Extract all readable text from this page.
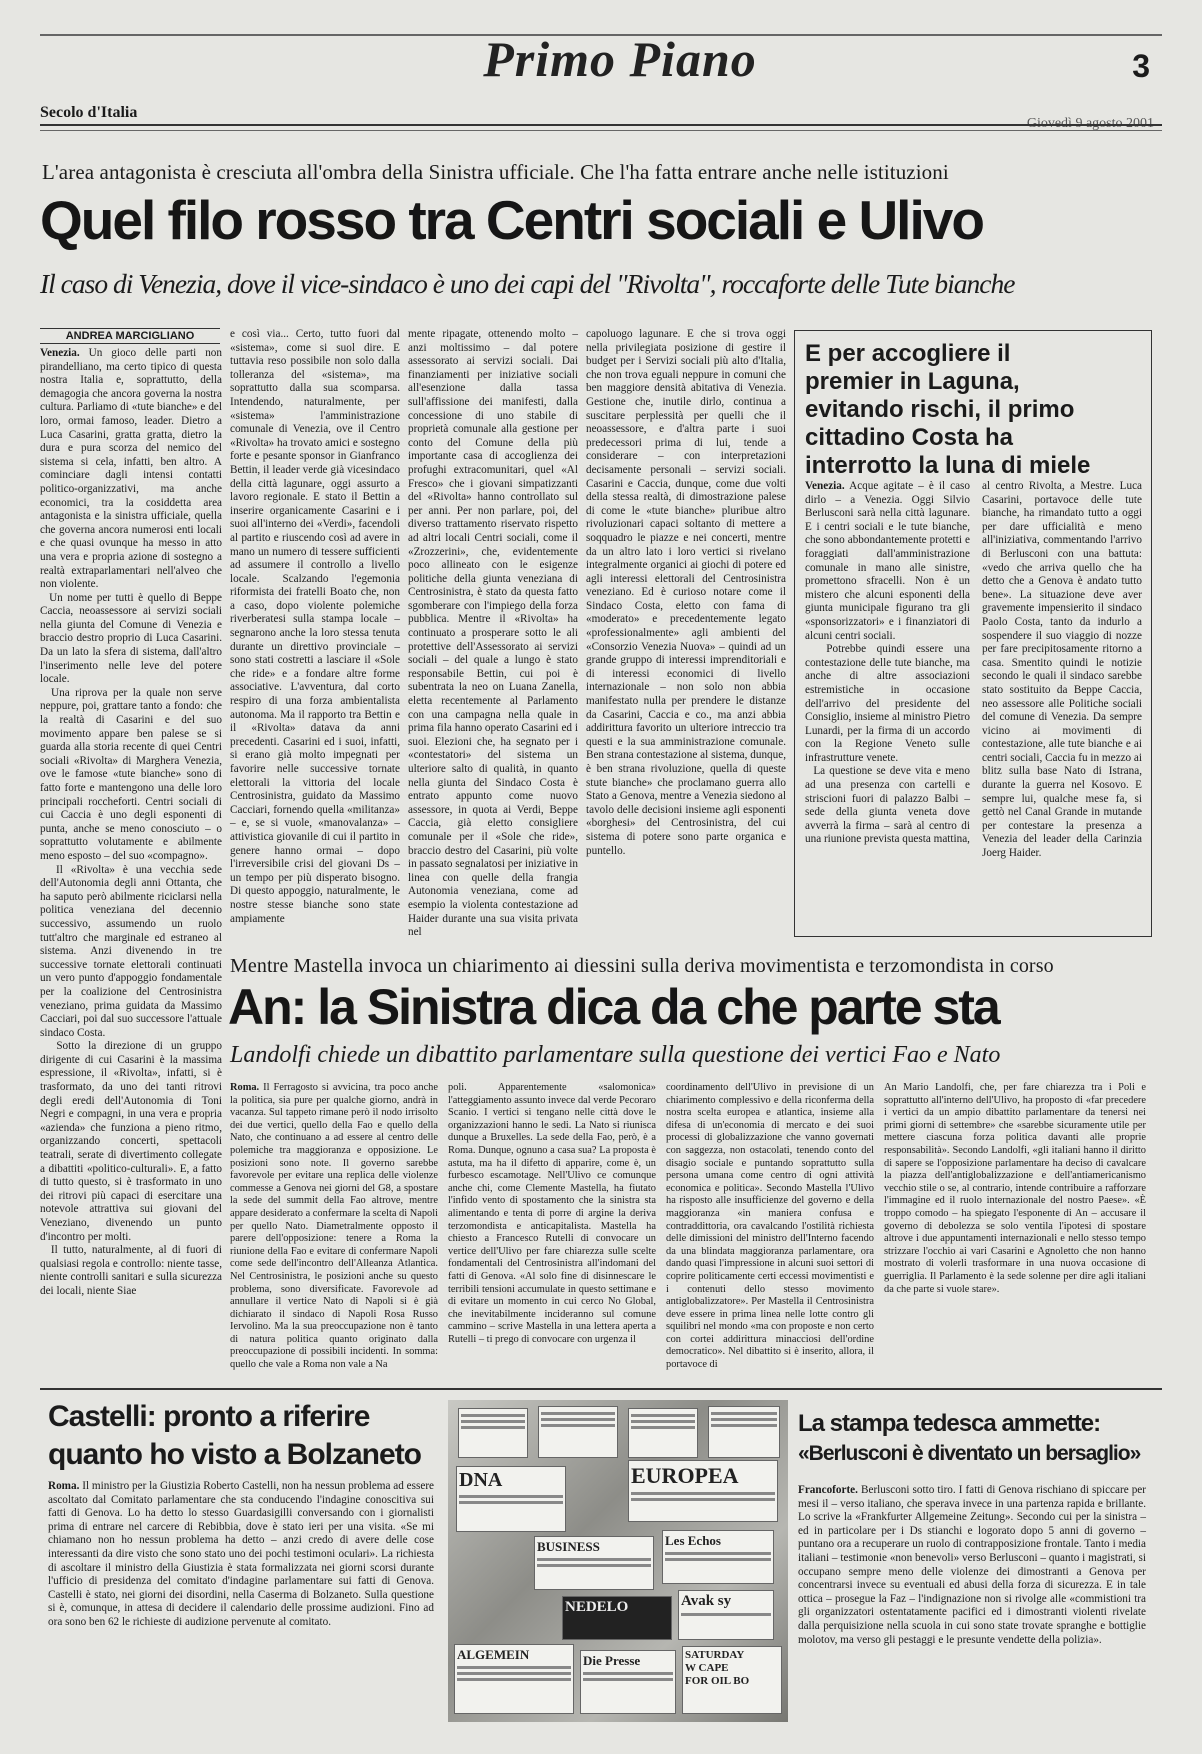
Primo Piano	3
Secolo d'Italia
L'area antagonista è cresciuta all'ombra della Sinistra ufficiale. Che l'ha fatta entrare anche nelle istituzioni
Quel filo rosso tra Centri sociali e Ulivo
Il caso di Venezia, dove il vice-sindaco è uno dei capi del "Rivolta", roccaforte delle Tute bianche
ANDREA MARCIGLIANO
Venezia. Un gioco delle parti non pirandelliano, ma certo tipico di questa nostra Italia e, soprattutto, della demagogia che ancora governa la nostra cultura. Parliamo di «tute bianche» e del loro, ormai famoso, leader. Dietro a Luca Casarini, gratta gratta, dietro la dura e pura scorza del nemico del sistema si cela, infatti, ben altro. A cominciare dagli intensi contatti politico-organizzativi, ma anche economici, tra la cosiddetta area antagonista e la sinistra ufficiale, quella che governa ancora numerosi enti locali e che quasi ovunque ha messo in atto una vera e propria azione di sostegno a realtà extraparlamentari nell'alveo che non violente.
Un nome per tutti è quello di Beppe Caccia, neoassessore ai servizi sociali nella giunta del Comune di Venezia e braccio destro proprio di Luca Casarini. Da un lato la sfera di sistema, dall'altro l'inserimento nelle leve del potere locale.
Una riprova per la quale non serve neppure, poi, grattare tanto a fondo: che la realtà di Casarini e del suo movimento appare ben palese se si guarda alla storia recente di quei Centri sociali «Rivolta» di Marghera Venezia, ove le famose «tute bianche» sono di fatto forte e mantengono una delle loro principali roccheforti. Centri sociali di cui Caccia è uno degli esponenti di punta, anche se meno conosciuto – o soprattutto volutamente e abilmente meno esposto – del suo «compagno».
Il «Rivolta» è una vecchia sede dell'Autonomia degli anni Ottanta, che ha saputo però abilmente riciclarsi nella politica veneziana del decennio successivo, assumendo un ruolo tutt'altro che marginale ed estraneo al sistema. Anzi divenendo in tre successive tornate elettorali continuati un vero punto d'appoggio fondamentale per la coalizione del Centrosinistra veneziano, prima guidata da Massimo Cacciari, poi dal suo successore l'attuale sindaco Costa.
Sotto la direzione di un gruppo dirigente di cui Casarini è la massima espressione, il «Rivolta», infatti, si è trasformato, da uno dei tanti ritrovi degli eredi dell'Autonomia di Toni Negri e compagni, in una vera e propria «azienda» che funziona a pieno ritmo, organizzando concerti, spettacoli teatrali, serate di divertimento collegate a dibattiti «politico-culturali». E, a fatto di tutto questo, si è trasformato in uno dei ritrovi più capaci di esercitare una notevole attrattiva sui giovani del Veneziano, divenendo un punto d'incontro per molti.
Il tutto, naturalmente, al di fuori di qualsiasi regola e controllo: niente tasse, niente controlli sanitari e sulla sicurezza dei locali, niente Siae
e così via... Certo, tutto fuori dal «sistema», come si suol dire. E tuttavia reso possibile non solo dalla tolleranza del «sistema», ma soprattutto dalla sua scomparsa. Intendendo, naturalmente, per «sistema» l'amministrazione comunale di Venezia, ove il Centro «Rivolta» ha trovato amici e sostegno forte e pesante sponsor in Gianfranco Bettin, il leader verde già vicesindaco della città lagunare, oggi assurto a lavoro regionale. E stato il Bettin a inserire organicamente Casarini e i suoi all'interno dei «Verdi», facendoli al partito e riuscendo così ad avere in mano un numero di tessere sufficienti ad assumere il controllo a livello locale. Scalzando l'egemonia riformista dei fratelli Boato che, non a caso, dopo violente polemiche riverberatesi sulla stampa locale – segnarono anche la loro stessa tenuta durante un direttivo provinciale – sono stati costretti a lasciare il «Sole che ride» e a fondare altre forme associative. L'avventura, dal corto respiro di una forza ambientalista autonoma. Ma il rapporto tra Bettin e il «Rivolta» datava da anni precedenti. Casarini ed i suoi, infatti, si erano già molto impegnati per favorire nelle successive tornate elettorali la vittoria del locale Centrosinistra, guidato da Massimo Cacciari, fornendo quella «militanza» – e, se si vuole, «manovalanza» – attivistica giovanile di cui il partito in genere hanno ormai – dopo l'irreversibile crisi del giovani Ds – un tempo per più disperato bisogno. Di questo appoggio, naturalmente, le nostre stesse bianche sono state ampiamente
mente ripagate, ottenendo molto – anzi moltissimo – dal potere assessorato ai servizi sociali. Dai finanziamenti per iniziative sociali all'esenzione dalla tassa sull'affissione dei manifesti, dalla concessione di uno stabile di proprietà comunale alla gestione per conto del Comune della più importante casa di accoglienza dei profughi extracomunitari, quel «Al Fresco» che i giovani simpatizzanti del «Rivolta» hanno controllato sul per anni. Per non parlare, poi, del diverso trattamento riservato rispetto ad altri locali Centri sociali, come il «Zrozzerini», che, evidentemente poco allineato con le esigenze politiche della giunta veneziana di Centrosinistra, è stato da questa fatto sgomberare con l'impiego della forza pubblica. Mentre il «Rivolta» ha continuato a prosperare sotto le ali protettive dell'Assessorato ai servizi sociali – del quale a lungo è stato responsabile Bettin, cui poi è subentrata la neo on Luana Zanella, eletta recentemente al Parlamento con una campagna nella quale in prima fila hanno operato Casarini ed i suoi. Elezioni che, ha segnato per i «contestatori» del sistema un ulteriore salto di qualità, in quanto nella giunta del Sindaco Costa è entrato appunto come nuovo assessore, in quota ai Verdi, Beppe Caccia, già eletto consigliere comunale per il «Sole che ride», braccio destro del Casarini, più volte in passato segnalatosi per iniziative in linea con quelle della frangia Autonomia veneziana, come ad esempio la violenta contestazione ad Haider durante una sua visita privata nel
capoluogo lagunare. E che si trova oggi nella privilegiata posizione di gestire il budget per i Servizi sociali più alto d'Italia, che non trova eguali neppure in comuni che ben maggiore densità abitativa di Venezia. Gestione che, inutile dirlo, continua a suscitare perplessità per quelli che il neoassessore, e d'altra parte i suoi predecessori prima di lui, tende a considerare – con interpretazioni decisamente personali – servizi sociali. Casarini e Caccia, dunque, come due volti della stessa realtà, di dimostrazione palese di come le «tute bianche» pluribue altro rivoluzionari capaci soltanto di mettere a soqquadro le piazze e nei concerti, mentre da un altro lato i loro vertici si rivelano integralmente organici ai giochi di potere ed agli interessi elettorali del Centrosinistra veneziano. Ed è curioso notare come il Sindaco Costa, eletto con fama di «moderato» e precedentemente legato «professionalmente» agli ambienti del «Consorzio Venezia Nuova» – quindi ad un grande gruppo di interessi imprenditoriali e di interessi economici di livello internazionale – non solo non abbia manifestato nulla per prendere le distanze da Casarini, Caccia e co., ma anzi abbia addirittura favorito un ulteriore intreccio tra questi e la sua amministrazione comunale. Ben strana contestazione al sistema, dunque, è ben strana rivoluzione, quella di queste stute bianche» che proclamano guerra allo Stato a Genova, mentre a Venezia siedono al tavolo delle decisioni insieme agli esponenti «borghesi» del Centrosinistra, del cui sistema di potere sono parte organica e puntello.
E per accogliere il premier in Laguna, evitando rischi, il primo cittadino Costa ha interrotto la luna di miele
Venezia. Acque agitate – è il caso dirlo – a Venezia. Oggi Silvio Berlusconi sarà nella città lagunare. E i centri sociali e le tute bianche, che sono abbondantemente protetti e foraggiati dall'amministrazione comunale in mano alle sinistre, promettono sfracelli. Non è un mistero che alcuni esponenti della giunta municipale figurano tra gli «sponsorizzatori» e i finanziatori di alcuni centri sociali.
Potrebbe quindi essere una contestazione delle tute bianche, ma anche di altre associazioni estremistiche in occasione dell'arrivo del presidente del Consiglio, insieme al ministro Pietro Lunardi, per la firma di un accordo con la Regione Veneto sulle infrastrutture venete.
La questione se deve vita e meno ad una presenza con cartelli e striscioni fuori di palazzo Balbi – sede della giunta veneta dove avverrà la firma – sarà al centro di una riunione prevista questa mattina,
al centro Rivolta, a Mestre. Luca Casarini, portavoce delle tute bianche, ha rimandato tutto a oggi per dare ufficialità e meno all'iniziativa, commentando l'arrivo di Berlusconi con una battuta: «vedo che arriva quello che ha detto che a Genova è andato tutto bene». La situazione deve aver gravemente impensierito il sindaco Paolo Costa, tanto da indurlo a sospendere il suo viaggio di nozze per fare precipitosamente ritorno a casa. Smentito quindi le notizie secondo le quali il sindaco sarebbe stato sostituito da Beppe Caccia, neo assessore alle Politiche sociali del comune di Venezia. Da sempre vicino ai movimenti di contestazione, alle tute bianche e ai centri sociali, Caccia fu in mezzo ai blitz sulla base Nato di Istrana, durante la guerra nel Kosovo. E sempre lui, qualche mese fa, si gettò nel Canal Grande in mutande per contestare la presenza a Venezia del leader della Carinzia Joerg Haider.
Mentre Mastella invoca un chiarimento ai diessini sulla deriva movimentista e terzomondista in corso
An: la Sinistra dica da che parte sta
Landolfi chiede un dibattito parlamentare sulla questione dei vertici Fao e Nato
Roma. Il Ferragosto si avvicina, tra poco anche la politica, sia pure per qualche giorno, andrà in vacanza. Sul tappeto rimane però il nodo irrisolto dei due vertici, quello della Fao e quello della Nato, che continuano a ad essere al centro delle polemiche tra maggioranza e opposizione. Le posizioni sono note. Il governo sarebbe favorevole per evitare una replica delle violenze commesse a Genova nei giorni del G8, a spostare la sede del summit della Fao altrove, mentre appare desiderato a confermare la scelta di Napoli per quello Nato. Diametralmente opposto il parere dell'opposizione: tenere a Roma la riunione della Fao e evitare di confermare Napoli come sede dell'incontro dell'Alleanza Atlantica. Nel Centrosinistra, le posizioni anche su questo problema, sono diversificate. Favorevole ad annullare il vertice Nato di Napoli si è già dichiarato il sindaco di Napoli Rosa Russo Iervolino. Ma la sua preoccupazione non è tanto di natura politica quanto originato dalla preoccupazione di possibili incidenti. In somma: quello che vale a Roma non vale a Na
poli. Apparentemente «salomonica» l'atteggiamento assunto invece dal verde Pecoraro Scanio. I vertici si tengano nelle città dove le organizzazioni hanno le sedi. La Nato si riunisca dunque a Bruxelles. La sede della Fao, però, è a Roma. Dunque, ognuno a casa sua? La proposta è astuta, ma ha il difetto di apparire, come è, un furbesco escamotage. Nell'Ulivo ce comunque anche chi, come Clemente Mastella, ha fiutato l'infido vento di spostamento che la sinistra sta alimentando e tenta di porre di argine la deriva terzomondista e anticapitalista. Mastella ha chiesto a Francesco Rutelli di convocare un vertice dell'Ulivo per fare chiarezza sulle scelte fondamentali del Centrosinistra all'indomani del fatti di Genova. «Al solo fine di disinnescare le terribili tensioni accumulate in questo settimane e di evitare un momento in cui cerco No Global, che inevitabilmente incideranno sul comune cammino – scrive Mastella in una lettera aperta a Rutelli – ti prego di convocare con urgenza il
coordinamento dell'Ulivo in previsione di un chiarimento complessivo e della riconferma della nostra scelta europea e atlantica, insieme alla difesa di un'economia di mercato e dei suoi processi di globalizzazione che vanno governati con saggezza, non ostacolati, tenendo conto del disagio sociale e puntando soprattutto sulla persona umana come centro di ogni attività economica e politica». Secondo Mastella l'Ulivo ha risposto alle insufficienze del governo e della maggioranza «in maniera confusa e contraddittoria, ora cavalcando l'ostilità richiesta delle dimissioni del ministro dell'Interno facendo da una blindata maggioranza parlamentare, ora dando quasi l'impressione in alcuni suoi settori di coprire politicamente certi eccessi movimentisti e i contenuti dello stesso movimento antiglobalizzatore». Per Mastella il Centrosinistra deve essere in prima linea nelle lotte contro gli squilibri nel mondo «ma con proposte e non certo con cortei addirittura minacciosi dell'ordine democratico». Nel dibattito si è inserito, allora, il portavoce di
An Mario Landolfi, che, per fare chiarezza tra i Poli e soprattutto all'interno dell'Ulivo, ha proposto di «far precedere i vertici da un ampio dibattito parlamentare da tenersi nei primi giorni di settembre» che «sarebbe sicuramente utile per mettere ciascuna forza politica davanti alle proprie responsabilità». Secondo Landolfi, «gli italiani hanno il diritto di sapere se l'opposizione parlamentare ha deciso di cavalcare la piazza dell'antiglobalizzazione e dell'antiamericanismo vecchio stile o se, al contrario, intende contribuire a rafforzare l'immagine ed il ruolo internazionale del nostro Paese». «È troppo comodo – ha spiegato l'esponente di An – accusare il governo di debolezza se solo ventila l'ipotesi di spostare altrove i due appuntamenti internazionali e nello stesso tempo strizzare l'occhio ai vari Casarini e Agnoletto che non hanno mostrato di volerli trasformare in una nuova occasione di guerriglia. Il Parlamento è la sede solenne per dire agli italiani da che parte si vuole stare».
Castelli: pronto a riferire quanto ho visto a Bolzaneto
Roma. Il ministro per la Giustizia Roberto Castelli, non ha nessun problema ad essere ascoltato dal Comitato parlamentare che sta conducendo l'indagine conoscitiva sui fatti di Genova. Lo ha detto lo stesso Guardasigilli conversando con i giornalisti prima di entrare nel carcere di Rebibbia, dove è stato ieri per una visita. «Se mi chiamano non ho nessun problema ha detto – anzi credo di avere delle cose interessanti da dire visto che sono stato uno dei pochi testimoni oculari». La richiesta di ascoltare il ministro della Giustizia è stata formalizzata nei giorni scorsi durante l'ufficio di presidenza del comitato d'indagine parlamentare sui fatti di Genova. Castelli è stato, nei giorni dei disordini, nella Caserma di Bolzaneto. Sulla questione si è, comunque, in attesa di decidere il calendario delle prossime audizioni. Fino ad ora sono ben 62 le richieste di audizione pervenute al comitato.
DNA	EUROPEA
BUSINESS	Les Echos
NEDELO	Avak sy
ALGEMEIN	Die Presse	SATURDAY
W CAPE
FOR OIL BO
La stampa tedesca ammette:
«Berlusconi è diventato un bersaglio»
Francoforte. Berlusconi sotto tiro. I fatti di Genova rischiano di spiccare per mesi il – verso italiano, che sperava invece in una partenza rapida e brillante. Lo scrive la «Frankfurter Allgemeine Zeitung». Secondo cui per la sinistra – ed in particolare per i Ds stianchi e logorato dopo 5 anni di governo – puntano ora a recuperare un ruolo di contrapposizione frontale. Tanto i media italiani – testimonie «non benevoli» verso Berlusconi – quanto i magistrati, si occupano sempre meno delle violenze dei dimostranti a Genova per concentrarsi invece su eventuali ed abusi della forza di sicurezza. E in tale ottica – prosegue la Faz – l'indignazione non si rivolge alle «commistioni tra gli organizzatori ostentatamente pacifici ed i dimostranti violenti rivelate dalla perquisizione nella scuola in cui sono state trovate spranghe e bottiglie molotov, ma verso gli pestaggi e le presunte vendette della polizia».
